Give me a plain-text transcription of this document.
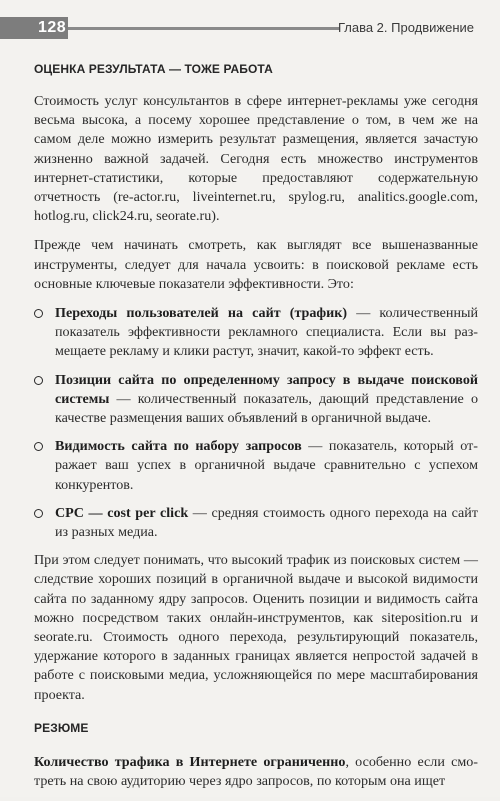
128	Глава 2. Продвижение
ОЦЕНКА РЕЗУЛЬТАТА — ТОЖЕ РАБОТА

Стоимость услуг консультантов в сфере интернет-рекламы уже сегодня весьма высока, а посему хорошее представление о том, в чем же на самом деле можно измерить результат размещения, является зачастую жизненно важной задачей. Сегодня есть множество инструментов интернет-статистики, которые предоставляют содержательную отчетность (re-actor.ru, liveinternet.ru, spylog.ru, analitics.google.com, hotlog.ru, click24.ru, seorate.ru).

Прежде чем начинать смотреть, как выглядят все вышеназванные инструменты, следует для начала усвоить: в поисковой рекламе есть основные ключевые показатели эффективности. Это:

Переходы пользователей на сайт (трафик) — количественный показатель эффективности рекламного специалиста. Если вы размещаете рекламу и клики растут, значит, какой-то эффект есть.
Позиции сайта по определенному запросу в выдаче поисковой системы — количественный показатель, дающий представление о качестве размещения ваших объявлений в органичной выдаче.
Видимость сайта по набору запросов — показатель, который отражает ваш успех в органичной выдаче сравнительно с успехом конкурентов.
CPC — cost per click — средняя стоимость одного перехода на сайт из разных медиа.

При этом следует понимать, что высокий трафик из поисковых систем — следствие хороших позиций в органичной выдаче и высокой видимости сайта по заданному ядру запросов. Оценить позиции и видимость сайта можно посредством таких онлайн-инструментов, как siteposition.ru и seorate.ru. Стоимость одного перехода, результирующий показатель, удержание которого в заданных границах является непростой задачей в работе с поисковыми медиа, усложняющейся по мере масштабирования проекта.

РЕЗЮМЕ

Количество трафика в Интернете ограниченно, особенно если смотреть на свою аудиторию через ядро запросов, по которым она ищет
